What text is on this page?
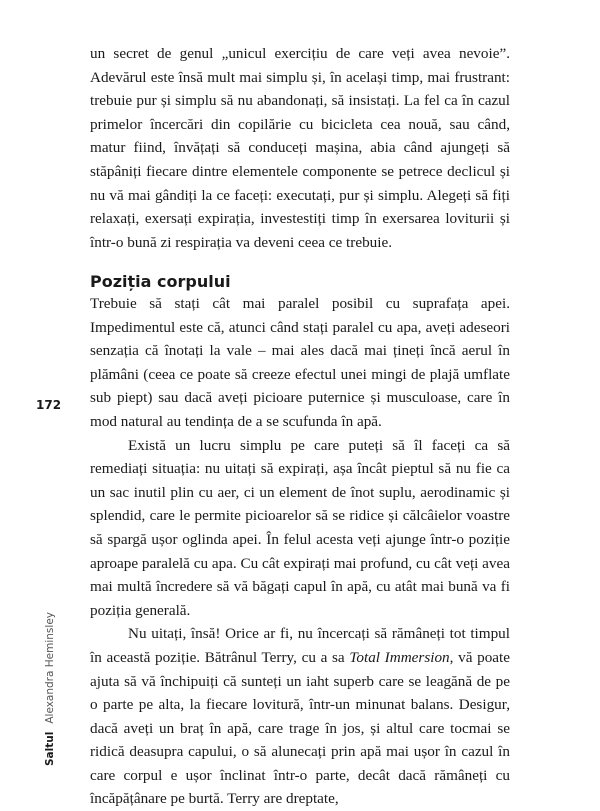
un secret de genul „unicul exercițiu de care veți avea nevoie”. Adevărul este însă mult mai simplu și, în același timp, mai frustrant: trebuie pur și simplu să nu abandonați, să insistați. La fel ca în cazul primelor încercări din copilărie cu bicicleta cea nouă, sau când, matur fiind, învățați să conduceți mașina, abia când ajungeți să stăpâniți fiecare dintre elementele componente se petrece declicul și nu vă mai gândiți la ce faceți: executați, pur și simplu. Alegeți să fiți relaxați, exersați expirația, investestiți timp în exersarea loviturii și într-o bună zi respirația va deveni ceea ce trebuie.

Poziția corpului

Trebuie să stați cât mai paralel posibil cu suprafața apei. Impedimentul este că, atunci când stați paralel cu apa, aveți adeseori senzația că înotați la vale – mai ales dacă mai țineți încă aerul în plămâni (ceea ce poate să creeze efectul unei mingi de plajă umflate sub piept) sau dacă aveți picioare puternice și musculoase, care în mod natural au tendința de a se scufunda în apă.

Există un lucru simplu pe care puteți să îl faceți ca să remediați situația: nu uitați să expirați, așa încât pieptul să nu fie ca un sac inutil plin cu aer, ci un element de înot suplu, aerodinamic și splendid, care le permite picioarelor să se ridice și călcâielor voastre să spargă ușor oglinda apei. În felul acesta veți ajunge într-o poziție aproape paralelă cu apa. Cu cât expirați mai profund, cu cât veți avea mai multă încredere să vă băgați capul în apă, cu atât mai bună va fi poziția generală.

Nu uitați, însă! Orice ar fi, nu încercați să rămâneți tot timpul în această poziție. Bătrânul Terry, cu a sa Total Immersion, vă poate ajuta să vă închipuiți că sunteți un iaht superb care se leagănă de pe o parte pe alta, la fiecare lovitură, într-un minunat balans. Desigur, dacă aveți un braț în apă, care trage în jos, și altul care tocmai se ridică deasupra capului, o să alunecați prin apă mai ușor în cazul în care corpul e ușor înclinat într-o parte, decât dacă rămâneți cu încăpățânare pe burtă. Terry are dreptate,

172
SaltulAlexandra Heminsley
